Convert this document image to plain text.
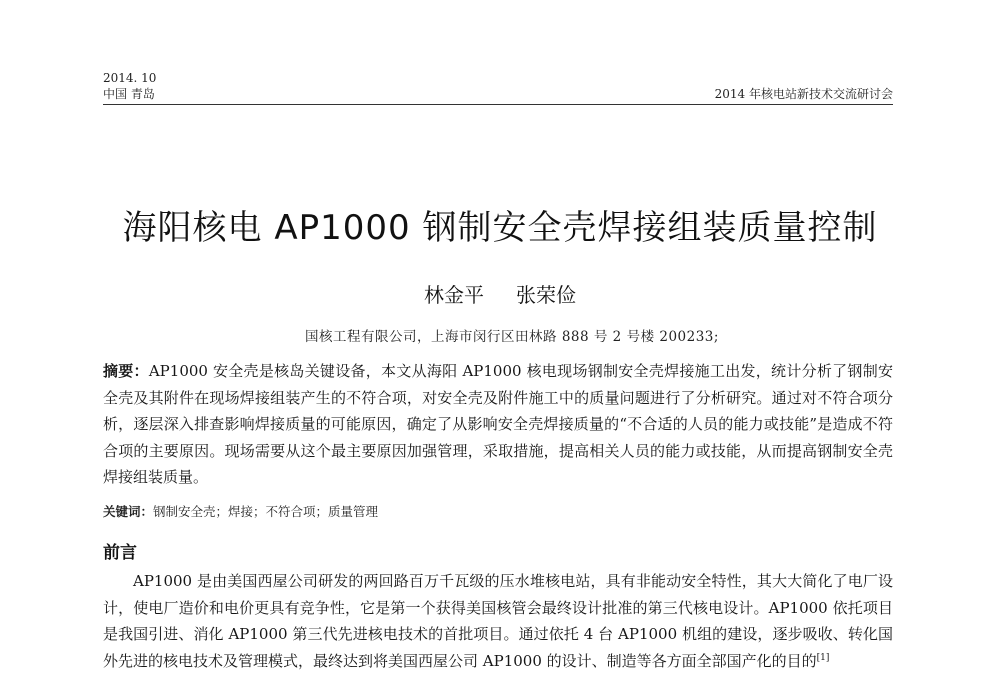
2014. 10
中国 青岛	2014 年核电站新技术交流研讨会
海阳核电 AP1000 钢制安全壳焊接组装质量控制
林金平 张荣俭
国核工程有限公司，上海市闵行区田林路 888 号 2 号楼 200233;
摘要：AP1000 安全壳是核岛关键设备，本文从海阳 AP1000 核电现场钢制安全壳焊接施工出发，统计分析了钢制安全壳及其附件在现场焊接组装产生的不符合项，对安全壳及附件施工中的质量问题进行了分析研究。通过对不符合项分析，逐层深入排查影响焊接质量的可能原因，确定了从影响安全壳焊接质量的“不合适的人员的能力或技能”是造成不符合项的主要原因。现场需要从这个最主要原因加强管理，采取措施，提高相关人员的能力或技能，从而提高钢制安全壳焊接组装质量。
关键词：钢制安全壳；焊接；不符合项；质量管理
前言
AP1000 是由美国西屋公司研发的两回路百万千瓦级的压水堆核电站，具有非能动安全特性，其大大简化了电厂设计，使电厂造价和电价更具有竞争性，它是第一个获得美国核管会最终设计批准的第三代核电设计。AP1000 依托项目是我国引进、消化 AP1000 第三代先进核电技术的首批项目。通过依托 4 台 AP1000 机组的建设，逐步吸收、转化国外先进的核电技术及管理模式，最终达到将美国西屋公司 AP1000 的设计、制造等各方面全部国产化的目的[1]
